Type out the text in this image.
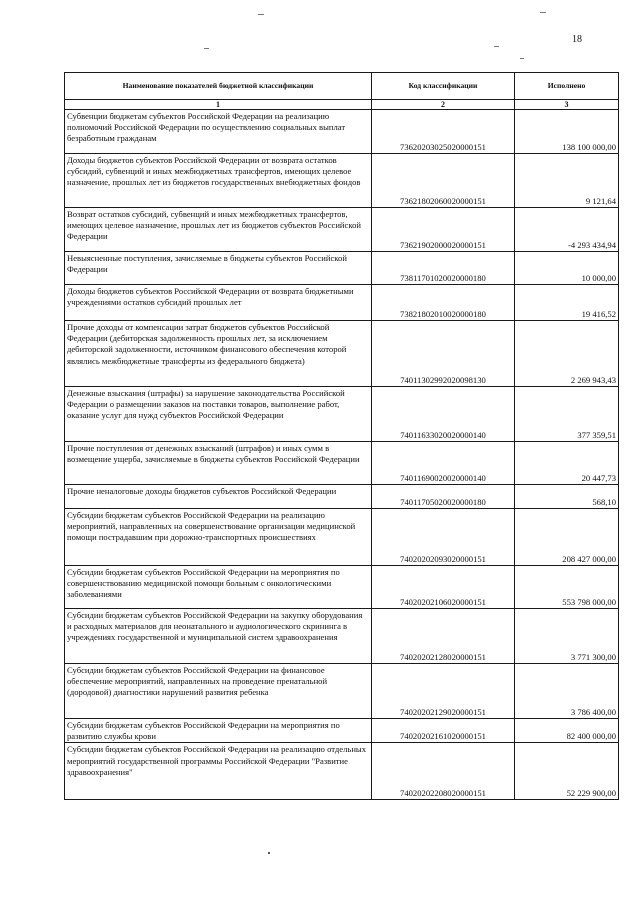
18
Наименование показателей бюджетной классификации	Код классификации	Исполнено
1	2	3
Субвенции бюджетам субъектов Российской Федерации на реализацию полномочий Российской Федерации по осуществлению социальных выплат безработным гражданам	73620203025020000151	138 100 000,00
Доходы бюджетов субъектов Российской Федерации от возврата остатков субсидий, субвенций и иных межбюджетных трансфертов, имеющих целевое назначение, прошлых лет из бюджетов государственных внебюджетных фондов	73621802060020000151	9 121,64
Возврат остатков субсидий, субвенций и иных межбюджетных трансфертов, имеющих целевое назначение, прошлых лет из бюджетов субъектов Российской Федерации	73621902000020000151	-4 293 434,94
Невыясненные поступления, зачисляемые в бюджеты субъектов Российской Федерации	73811701020020000180	10 000,00
Доходы бюджетов субъектов Российской Федерации от возврата бюджетными учреждениями остатков субсидий прошлых лет	73821802010020000180	19 416,52
Прочие доходы от компенсации затрат бюджетов субъектов Российской Федерации (дебиторская задолженность прошлых лет, за исключением дебиторской задолженности, источником финансового обеспечения которой являлись межбюджетные трансферты из федерального бюджета)	74011302992020098130	2 269 943,43
Денежные взыскания (штрафы) за нарушение законодательства Российской Федерации о размещении заказов на поставки товаров, выполнение работ, оказание услуг для нужд субъектов Российской Федерации	74011633020020000140	377 359,51
Прочие поступления от денежных взысканий (штрафов) и иных сумм в возмещение ущерба, зачисляемые в бюджеты субъектов Российской Федерации	74011690020020000140	20 447,73
Прочие неналоговые доходы бюджетов субъектов Российской Федерации	74011705020020000180	568,10
Субсидии бюджетам субъектов Российской Федерации на реализацию мероприятий, направленных на совершенствование организации медицинской помощи пострадавшим при дорожно-транспортных происшествиях	74020202093020000151	208 427 000,00
Субсидии бюджетам субъектов Российской Федерации на мероприятия по совершенствованию медицинской помощи больным с онкологическими заболеваниями	74020202106020000151	553 798 000,00
Субсидии бюджетам субъектов Российской Федерации на закупку оборудования и расходных материалов для неонатального и аудиологического скрининга в учреждениях государственной и муниципальной систем здравоохранения	74020202128020000151	3 771 300,00
Субсидии бюджетам субъектов Российской Федерации на финансовое обеспечение мероприятий, направленных на проведение пренатальной (дородовой) диагностики нарушений развития ребенка	74020202129020000151	3 786 400,00
Субсидии бюджетам субъектов Российской Федерации на мероприятия по развитию службы крови	74020202161020000151	82 400 000,00
Субсидии бюджетам субъектов Российской Федерации на реализацию отдельных мероприятий государственной программы Российской Федерации "Развитие здравоохранения"	74020202208020000151	52 229 900,00
